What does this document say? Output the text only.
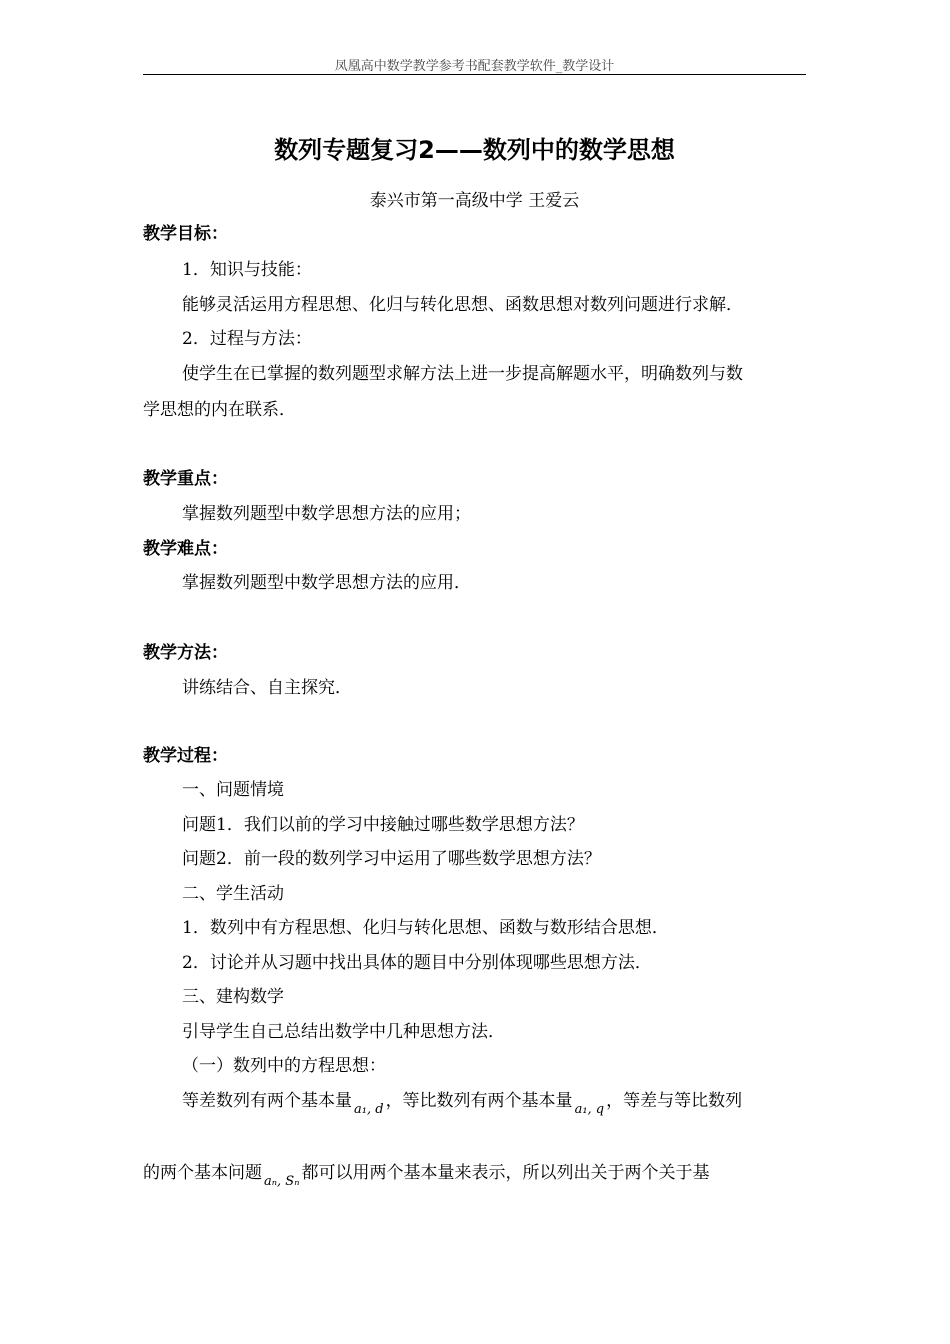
凤凰高中数学教学参考书配套教学软件_教学设计
数列专题复习2——数列中的数学思想
泰兴市第一高级中学 王爱云
教学目标：
1．知识与技能：
能够灵活运用方程思想、化归与转化思想、函数思想对数列问题进行求解．
2．过程与方法：
使学生在已掌握的数列题型求解方法上进一步提高解题水平，明确数列与数
学思想的内在联系．
教学重点：
掌握数列题型中数学思想方法的应用；
教学难点：
掌握数列题型中数学思想方法的应用．
教学方法：
讲练结合、自主探究．
教学过程：
一、问题情境
问题1．我们以前的学习中接触过哪些数学思想方法？
问题2．前一段的数列学习中运用了哪些数学思想方法？
二、学生活动
1．数列中有方程思想、化归与转化思想、函数与数形结合思想．
2．讨论并从习题中找出具体的题目中分别体现哪些思想方法．
三、建构数学
引导学生自己总结出数学中几种思想方法．
（一）数列中的方程思想：
等差数列有两个基本量 $_{a_1, d}$ ，等比数列有两个基本量 $_{a_1, q}$ ，等差与等比数列
的两个基本问题 $_{a_n, S_n}$ 都可以用两个基本量来表示，所以列出关于两个关于基
